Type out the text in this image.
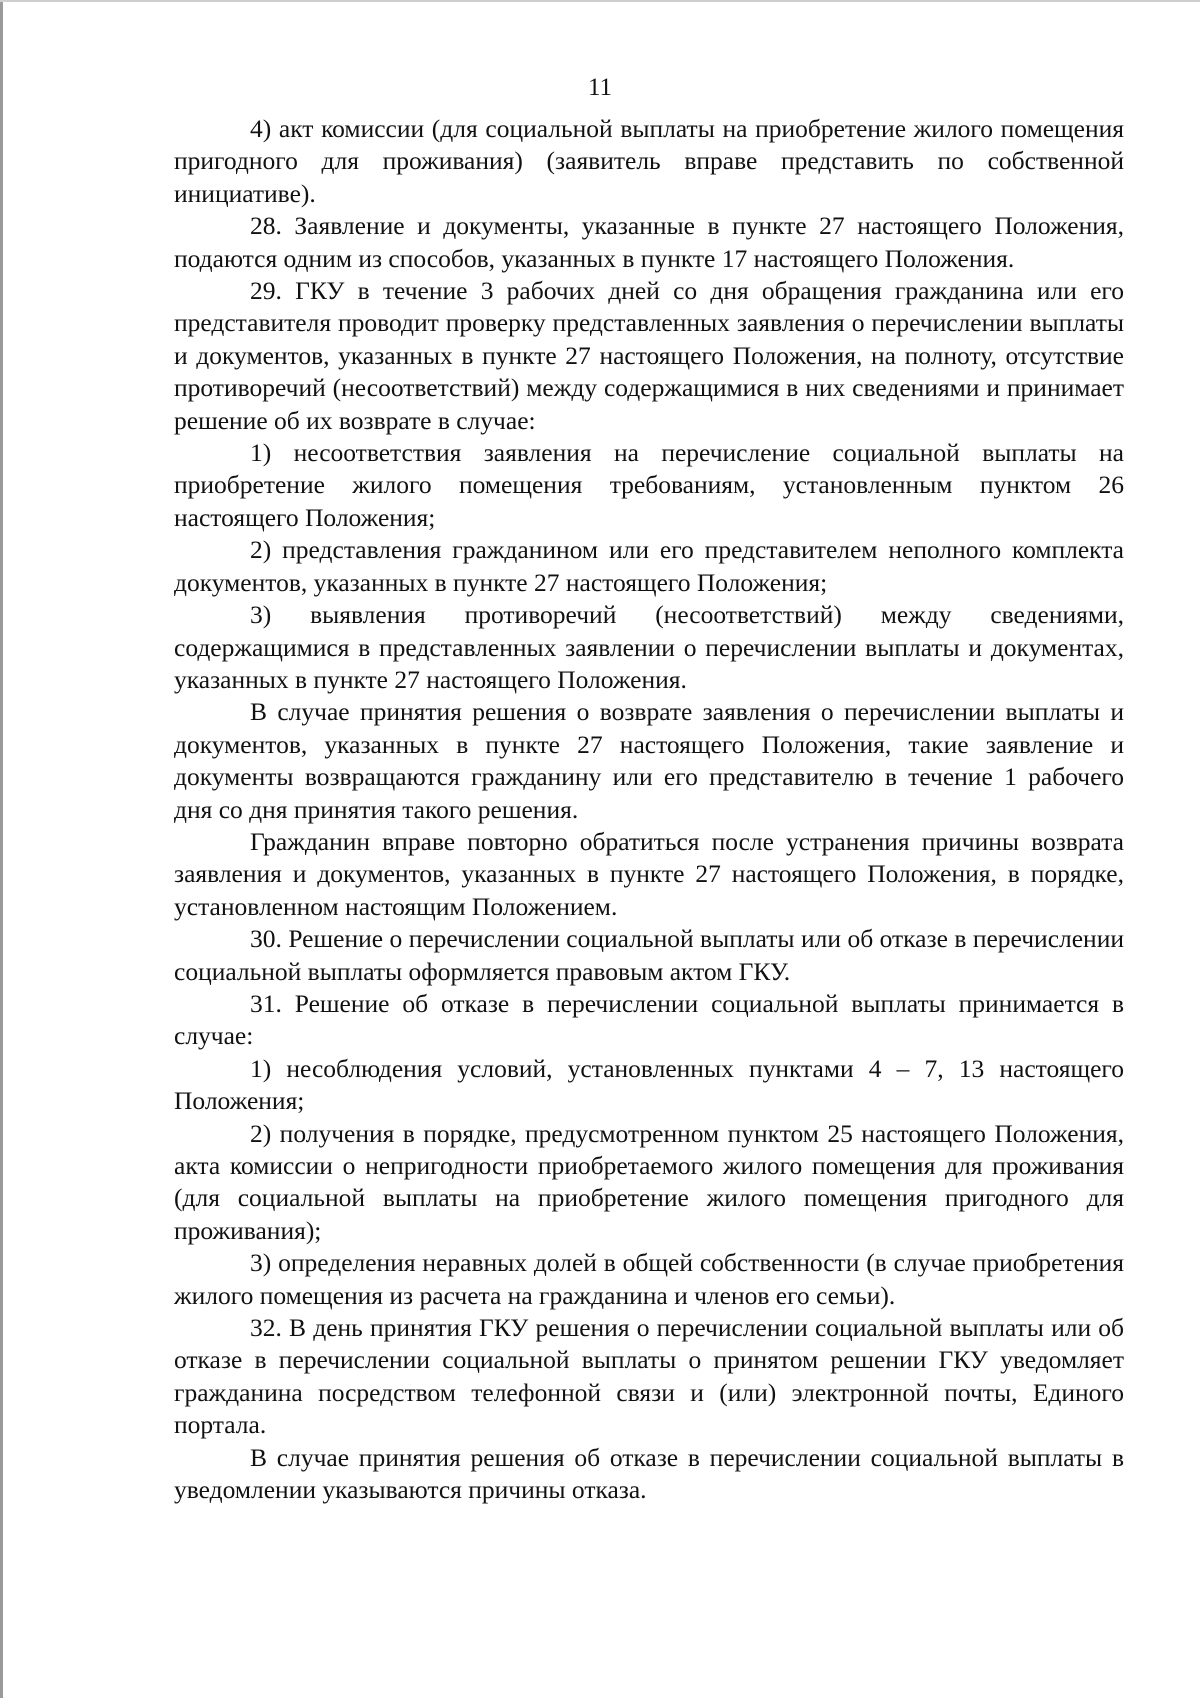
11

4) акт комиссии (для социальной выплаты на приобретение жилого помещения пригодного для проживания) (заявитель вправе представить по собственной инициативе).

28. Заявление и документы, указанные в пункте 27 настоящего Положения, подаются одним из способов, указанных в пункте 17 настоящего Положения.

29. ГКУ в течение 3 рабочих дней со дня обращения гражданина или его представителя проводит проверку представленных заявления о перечислении выплаты и документов, указанных в пункте 27 настоящего Положения, на полноту, отсутствие противоречий (несоответствий) между содержащимися в них сведениями и принимает решение об их возврате в случае:

1) несоответствия заявления на перечисление социальной выплаты на приобретение жилого помещения требованиям, установленным пунктом 26 настоящего Положения;

2) представления гражданином или его представителем неполного комплекта документов, указанных в пункте 27 настоящего Положения;

3) выявления противоречий (несоответствий) между сведениями, содержащимися в представленных заявлении о перечислении выплаты и документах, указанных в пункте 27 настоящего Положения.

В случае принятия решения о возврате заявления о перечислении выплаты и документов, указанных в пункте 27 настоящего Положения, такие заявление и документы возвращаются гражданину или его представителю в течение 1 рабочего дня со дня принятия такого решения.

Гражданин вправе повторно обратиться после устранения причины возврата заявления и документов, указанных в пункте 27 настоящего Положения, в порядке, установленном настоящим Положением.

30. Решение о перечислении социальной выплаты или об отказе в перечислении социальной выплаты оформляется правовым актом ГКУ.

31. Решение об отказе в перечислении социальной выплаты принимается в случае:

1) несоблюдения условий, установленных пунктами 4 – 7, 13 настоящего Положения;

2) получения в порядке, предусмотренном пунктом 25 настоящего Положения, акта комиссии о непригодности приобретаемого жилого помещения для проживания (для социальной выплаты на приобретение жилого помещения пригодного для проживания);

3) определения неравных долей в общей собственности (в случае приобретения жилого помещения из расчета на гражданина и членов его семьи).

32. В день принятия ГКУ решения о перечислении социальной выплаты или об отказе в перечислении социальной выплаты о принятом решении ГКУ уведомляет гражданина посредством телефонной связи и (или) электронной почты, Единого портала.

В случае принятия решения об отказе в перечислении социальной выплаты в уведомлении указываются причины отказа.
